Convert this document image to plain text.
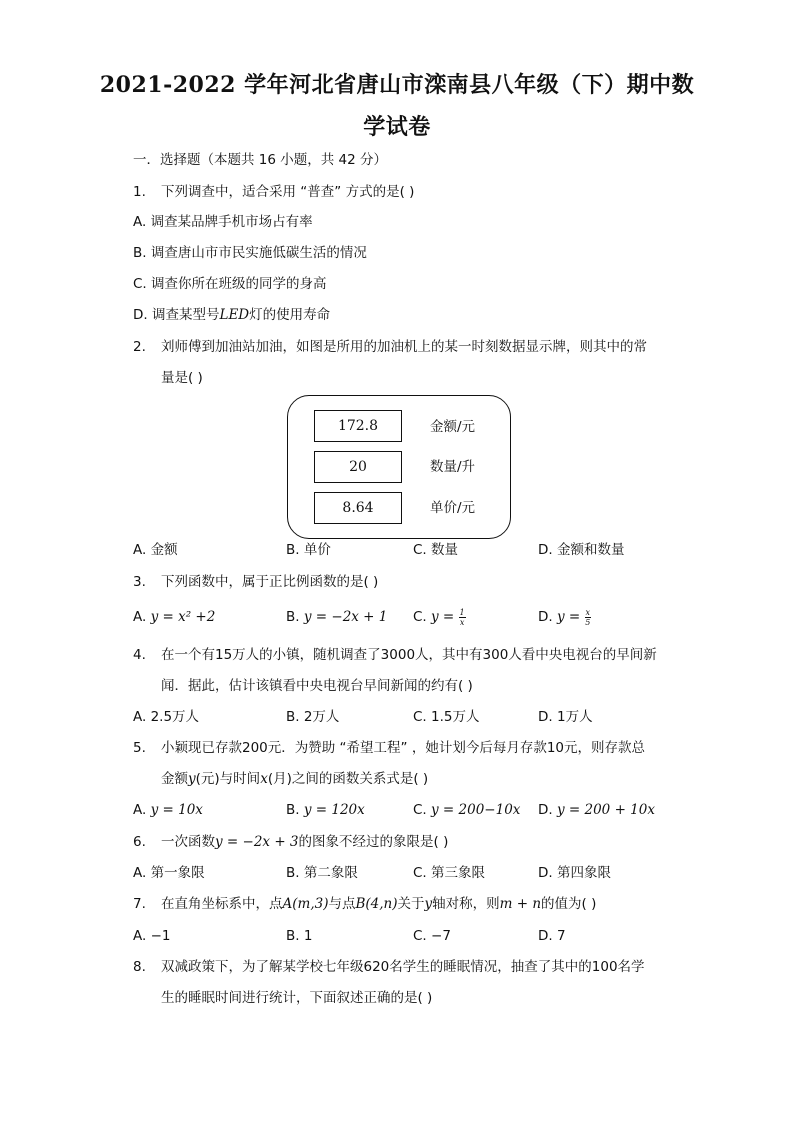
2021-2022 学年河北省唐山市滦南县八年级（下）期中数
学试卷
一．选择题（本题共 16 小题，共 42 分）
1. 下列调查中，适合采用 “普查” 方式的是( )
A. 调查某品牌手机市场占有率
B. 调查唐山市市民实施低碳生活的情况
C. 调查你所在班级的同学的身高
D. 调查某型号LED灯的使用寿命
2. 刘师傅到加油站加油，如图是所用的加油机上的某一时刻数据显示牌，则其中的常
量是( )
172.8	金额/元
20	数量/升
8.64	单价/元
A. 金额	B. 单价	C. 数量	D. 金额和数量
3. 下列函数中，属于正比例函数的是( )
A. y = x² +2	B. y = −2x + 1 C. $y = \frac{1}{x}$	D. $y = \frac{x}{5}$
4. 在一个有15万人的小镇，随机调查了3000人，其中有300人看中央电视台的早间新
闻．据此，估计该镇看中央电视台早间新闻的约有( )
A. 2.5万人	B. 2万人	C. 1.5万人	D. 1万人
5. 小颖现已存款200元．为赞助 “希望工程” ，她计划今后每月存款10元，则存款总
金额y(元)与时间x(月)之间的函数关系式是( )
A. y = 10x	B. y = 120x	C. y = 200−10x D. y = 200 + 10x
6. 一次函数y = −2x + 3的图象不经过的象限是( )
A. 第一象限	B. 第二象限	C. 第三象限	D. 第四象限
7. 在直角坐标系中，点A(m,3)与点B(4,n)关于y轴对称，则m + n的值为( )
A. −1	B. 1	C. −7	D. 7
8. 双减政策下，为了解某学校七年级620名学生的睡眠情况，抽查了其中的100名学
生的睡眠时间进行统计，下面叙述正确的是( )
